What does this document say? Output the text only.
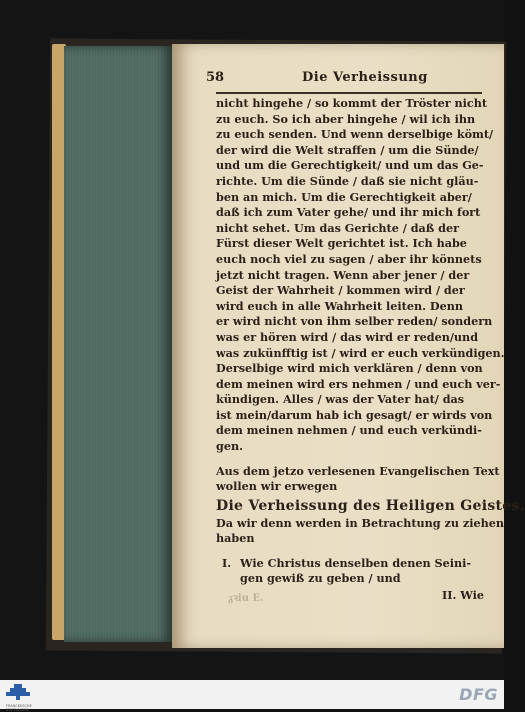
58	Die Verheissung
nicht hingehe / so kommt der Tröster nicht
zu euch. So ich aber hingehe / wil ich ihn
zu euch senden. Und wenn derselbige kömt/
der wird die Welt straffen / um die Sünde/
und um die Gerechtigkeit/ und um das Ge-
richte. Um die Sünde / daß sie nicht gläu-
ben an mich. Um die Gerechtigkeit aber/
daß ich zum Vater gehe/ und ihr mich fort
nicht sehet. Um das Gerichte / daß der
Fürst dieser Welt gerichtet ist. Ich habe
euch noch viel zu sagen / aber ihr könnets
jetzt nicht tragen. Wenn aber jener / der
Geist der Wahrheit / kommen wird / der
wird euch in alle Wahrheit leiten. Denn
er wird nicht von ihm selber reden/ sondern
was er hören wird / das wird er reden/und
was zukünfftig ist / wird er euch verkündigen.
Derselbige wird mich verklären / denn von
dem meinen wird ers nehmen / und euch ver-
kündigen. Alles / was der Vater hat/ das
ist mein/darum hab ich gesagt/ er wirds von
dem meinen nehmen / und euch verkündi-
gen.
Aus dem jetzo verlesenen Evangelischen Text
wollen wir erwegen
Die Verheissung des Heiligen Geistes.
Da wir denn werden in Betrachtung zu ziehen
haben
I. Wie Christus denselben denen Seini-
gen gewiß zu geben / und
ᵹꝛiu E.	II. Wie
FRANCKESCHE
STIFTUNGEN
DFG
